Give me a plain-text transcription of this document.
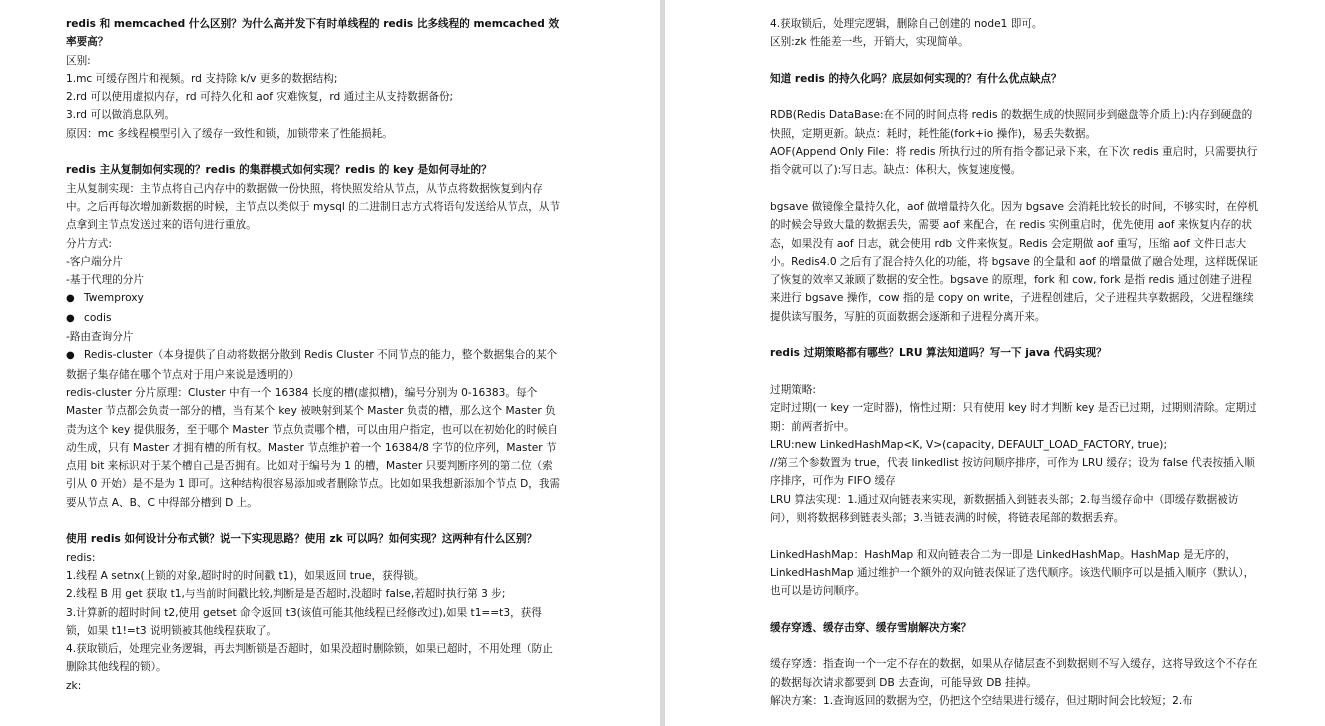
redis 和 memcached 什么区别？为什么高并发下有时单线程的 redis 比多线程的 memcached 效率要高？

区别:

1.mc 可缓存图片和视频。rd 支持除 k/v 更多的数据结构;

2.rd 可以使用虚拟内存，rd 可持久化和 aof 灾难恢复，rd 通过主从支持数据备份;

3.rd 可以做消息队列。

原因：mc 多线程模型引入了缓存一致性和锁，加锁带来了性能损耗。

redis 主从复制如何实现的？redis 的集群模式如何实现？redis 的 key 是如何寻址的？

主从复制实现：主节点将自己内存中的数据做一份快照，将快照发给从节点，从节点将数据恢复到内存中。之后再每次增加新数据的时候，主节点以类似于 mysql 的二进制日志方式将语句发送给从节点，从节点拿到主节点发送过来的语句进行重放。

分片方式:

-客户端分片

-基于代理的分片

● Twemproxy

● codis

-路由查询分片

● Redis-cluster（本身提供了自动将数据分散到 Redis Cluster 不同节点的能力，整个数据集合的某个数据子集存储在哪个节点对于用户来说是透明的）

redis-cluster 分片原理：Cluster 中有一个 16384 长度的槽(虚拟槽)，编号分别为 0-16383。每个 Master 节点都会负责一部分的槽，当有某个 key 被映射到某个 Master 负责的槽，那么这个 Master 负责为这个 key 提供服务，至于哪个 Master 节点负责哪个槽，可以由用户指定，也可以在初始化的时候自动生成，只有 Master 才拥有槽的所有权。Master 节点维护着一个 16384/8 字节的位序列，Master 节点用 bit 来标识对于某个槽自己是否拥有。比如对于编号为 1 的槽，Master 只要判断序列的第二位（索引从 0 开始）是不是为 1 即可。这种结构很容易添加或者删除节点。比如如果我想新添加个节点 D，我需要从节点 A、B、C 中得部分槽到 D 上。

使用 redis 如何设计分布式锁？说一下实现思路？使用 zk 可以吗？如何实现？这两种有什么区别？

redis:

1.线程 A setnx(上锁的对象,超时时的时间戳 t1)，如果返回 true，获得锁。

2.线程 B 用 get 获取 t1,与当前时间戳比较,判断是是否超时,没超时 false,若超时执行第 3 步;

3.计算新的超时时间 t2,使用 getset 命令返回 t3(该值可能其他线程已经修改过),如果 t1==t3，获得锁，如果 t1!=t3 说明锁被其他线程获取了。

4.获取锁后，处理完业务逻辑，再去判断锁是否超时，如果没超时删除锁，如果已超时，不用处理（防止删除其他线程的锁）。

zk:

4.获取锁后，处理完逻辑，删除自己创建的 node1 即可。

区别:zk 性能差一些，开销大，实现简单。

知道 redis 的持久化吗？底层如何实现的？有什么优点缺点？

RDB(Redis DataBase:在不同的时间点将 redis 的数据生成的快照同步到磁盘等介质上):内存到硬盘的快照，定期更新。缺点：耗时，耗性能(fork+io 操作)，易丢失数据。

AOF(Append Only File：将 redis 所执行过的所有指令都记录下来，在下次 redis 重启时，只需要执行指令就可以了):写日志。缺点：体积大，恢复速度慢。

bgsave 做镜像全量持久化，aof 做增量持久化。因为 bgsave 会消耗比较长的时间，不够实时，在停机的时候会导致大量的数据丢失，需要 aof 来配合，在 redis 实例重启时，优先使用 aof 来恢复内存的状态，如果没有 aof 日志，就会使用 rdb 文件来恢复。Redis 会定期做 aof 重写，压缩 aof 文件日志大小。Redis4.0 之后有了混合持久化的功能，将 bgsave 的全量和 aof 的增量做了融合处理，这样既保证了恢复的效率又兼顾了数据的安全性。bgsave 的原理，fork 和 cow, fork 是指 redis 通过创建子进程来进行 bgsave 操作，cow 指的是 copy on write，子进程创建后，父子进程共享数据段，父进程继续提供读写服务，写脏的页面数据会逐渐和子进程分离开来。

redis 过期策略都有哪些？LRU 算法知道吗？写一下 java 代码实现？

过期策略:

定时过期(一 key 一定时器)，惰性过期：只有使用 key 时才判断 key 是否已过期，过期则清除。定期过期：前两者折中。

LRU:new LinkedHashMap<K, V>(capacity, DEFAULT_LOAD_FACTORY, true);

//第三个参数置为 true，代表 linkedlist 按访问顺序排序，可作为 LRU 缓存；设为 false 代表按插入顺序排序，可作为 FIFO 缓存

LRU 算法实现：1.通过双向链表来实现，新数据插入到链表头部；2.每当缓存命中（即缓存数据被访问），则将数据移到链表头部；3.当链表满的时候，将链表尾部的数据丢弃。

LinkedHashMap：HashMap 和双向链表合二为一即是 LinkedHashMap。HashMap 是无序的，LinkedHashMap 通过维护一个额外的双向链表保证了迭代顺序。该迭代顺序可以是插入顺序（默认），也可以是访问顺序。

缓存穿透、缓存击穿、缓存雪崩解决方案？

缓存穿透：指查询一个一定不存在的数据，如果从存储层查不到数据则不写入缓存，这将导致这个不存在的数据每次请求都要到 DB 去查询，可能导致 DB 挂掉。

解决方案：1.查询返回的数据为空，仍把这个空结果进行缓存，但过期时间会比较短；2.布
